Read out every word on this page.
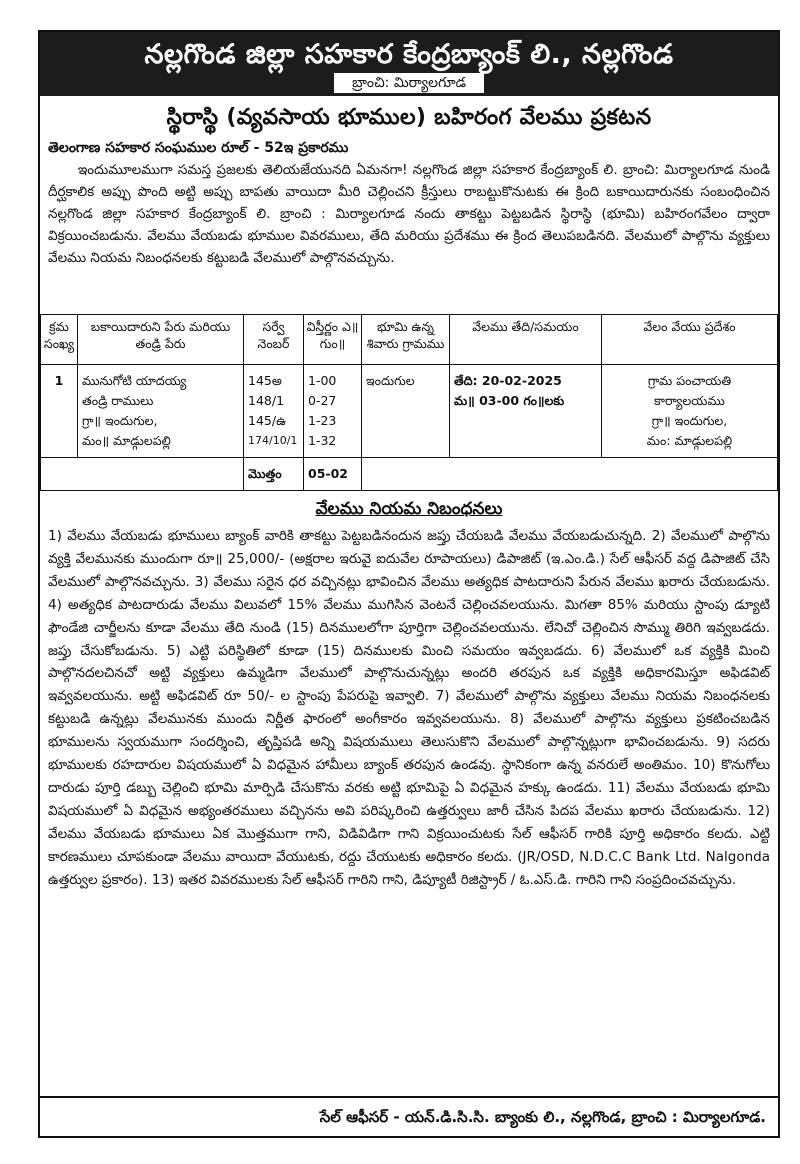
నల్లగొండ జిల్లా సహకార కేంద్రబ్యాంక్ లి., నల్లగొండ
బ్రాంచి: మిర్యాలగూడ
స్థిరాస్థి (వ్యవసాయ భూముల) బహిరంగ వేలము ప్రకటన
తెలంగాణ సహకార సంఘముల రూల్ - 52ఇ ప్రకారము

ఇందుమూలముగా సమస్త ప్రజలకు తెలియజేయునది ఏమనగా! నల్లగొండ జిల్లా సహకార కేంద్రబ్యాంక్ లి. బ్రాంచి: మిర్యాలగూడ నుండి దీర్ఘకాలిక అప్పు పొంది అట్టి అప్పు బాపతు వాయిదా మీరి చెల్లించని క్రీస్తులు రాబట్టుకొనుటకు ఈ క్రింది బకాయిదారునకు సంబంధించిన నల్లగొండ జిల్లా సహకార కేంద్రబ్యాంక్ లి. బ్రాంచి : మిర్యాలగూడ నందు తాకట్టు పెట్టబడిన స్థిరాస్థి (భూమి) బహిరంగవేలం ద్వారా విక్రయించబడును. వేలము వేయబడు భూముల వివరములు, తేది మరియు ప్రదేశము ఈ క్రింద తెలుపబడినది. వేలములో పాల్గొను వ్యక్తులు వేలము నియమ నిబంధనలకు కట్టుబడి వేలములో పాల్గొనవచ్చును.

క్రమ సంఖ్య	బకాయిదారుని పేరు మరియు తండ్రి పేరు	సర్వే నెంబర్	విస్తీర్ణం ఎ॥ గుం॥	భూమి ఉన్న శివారు గ్రామము	వేలము తేది/సమయం	వేలం వేయు ప్రదేశం
1	మునుగోటి యాదయ్య
తండ్రి రాములు
గ్రా॥ ఇందుగుల,
మం॥ మాడ్గులపల్లి	145అ
148/1
145/ఉ
174/10/1	1-00
0-27
1-23
1-32	ఇందుగుల	తేది: 20-02-2025
మ॥ 03-00 గం॥లకు	గ్రామ పంచాయతి
కార్యాలయము
గ్రా॥ ఇందుగుల,
మం: మాడ్గులపల్లి

		మొత్తం	05-02			
వేలము నియమ నిబంధనలు

1) వేలము వేయబడు భూములు బ్యాంక్ వారికి తాకట్టు పెట్టబడినందున జప్తు చేయబడి వేలము వేయబడుచున్నది. 2) వేలములో పాల్గొను వ్యక్తి వేలమునకు ముందుగా రూ॥ 25,000/- (అక్షరాల ఇరువై ఐదువేల రూపాయలు) డిపాజిట్ (ఇ.ఎం.డి.) సేల్ ఆఫీసర్ వద్ద డిపాజిట్ చేసి వేలములో పాల్గొనవచ్చును. 3) వేలము సరైన ధర వచ్చినట్లు భావించిన వేలము అత్యధిక పాటదారుని పేరున వేలము ఖరారు చేయబడును. 4) అత్యధిక పాటదారుడు వేలము విలువలో 15% వేలము ముగిసిన వెంటనే చెల్లించవలయును. మిగతా 85% మరియు స్టాంపు డ్యూటి ఫౌండేజి చార్జీలను కూడా వేలము తేది నుండి (15) దినములలోగా పూర్తిగా చెల్లించవలయును. లేనిచో చెల్లించిన సొమ్ము తిరిగి ఇవ్వబడదు. జప్తు చేసుకోబడును. 5) ఎట్టి పరిస్థితిలో కూడా (15) దినములకు మించి సమయం ఇవ్వబడదు. 6) వేలములో ఒక వ్యక్తికి మించి పాల్గొనదలచినచో అట్టి వ్యక్తులు ఉమ్మడిగా వేలములో పాల్గొనుచున్నట్లు అందరి తరపున ఒక వ్యక్తికి అధికారమిస్తూ అఫిడవిట్ ఇవ్వవలయును. అట్టి అఫిడవిట్ రూ 50/- ల స్టాంపు పేపరుపై ఇవ్వాలి. 7) వేలములో పాల్గొను వ్యక్తులు వేలము నియమ నిబంధనలకు కట్టుబడి ఉన్నట్లు వేలమునకు ముందు నిర్ణీత ఫారంలో అంగీకారం ఇవ్వవలయును. 8) వేలములో పాల్గొను వ్యక్తులు ప్రకటించబడిన భూములను స్వయముగా సందర్శించి, తృప్తిపడి అన్ని విషయములు తెలుసుకొని వేలములో పాల్గొన్నట్లుగా భావించబడును. 9) సదరు భూములకు రహదారుల విషయములో ఏ విధమైన హామీలు బ్యాంక్ తరపున ఉండవు. స్థానికంగా ఉన్న వనరులే అంతిమం. 10) కొనుగోలు దారుడు పూర్తి డబ్బు చెల్లించి భూమి మార్పిడి చేసుకొను వరకు అట్టి భూమిపై ఏ విధమైన హక్కు ఉండదు. 11) వేలము వేయబడు భూమి విషయములో ఏ విధమైన అభ్యంతరములు వచ్చినను అవి పరిష్కరించి ఉత్తర్వులు జారీ చేసిన పిదప వేలము ఖరారు చేయబడును. 12) వేలము వేయబడు భూములు ఏక మొత్తముగా గాని, విడివిడిగా గాని విక్రయించుటకు సేల్ ఆఫీసర్ గారికి పూర్తి అధికారం కలదు. ఎట్టి కారణములు చూపకుండా వేలము వాయిదా వేయుటకు, రద్దు చేయుటకు అధికారం కలదు. (JR/OSD, N.D.C.C Bank Ltd. Nalgonda ఉత్తర్వుల ప్రకారం). 13) ఇతర వివరములకు సేల్ ఆఫీసర్ గారిని గాని, డిప్యూటీ రిజిస్ట్రార్ / ఓ.ఎస్.డి. గారిని గాని సంప్రదించవచ్చును.

సేల్ ఆఫీసర్ - యన్.డి.సి.సి. బ్యాంకు లి., నల్లగొండ, బ్రాంచి : మిర్యాలగూడ.
